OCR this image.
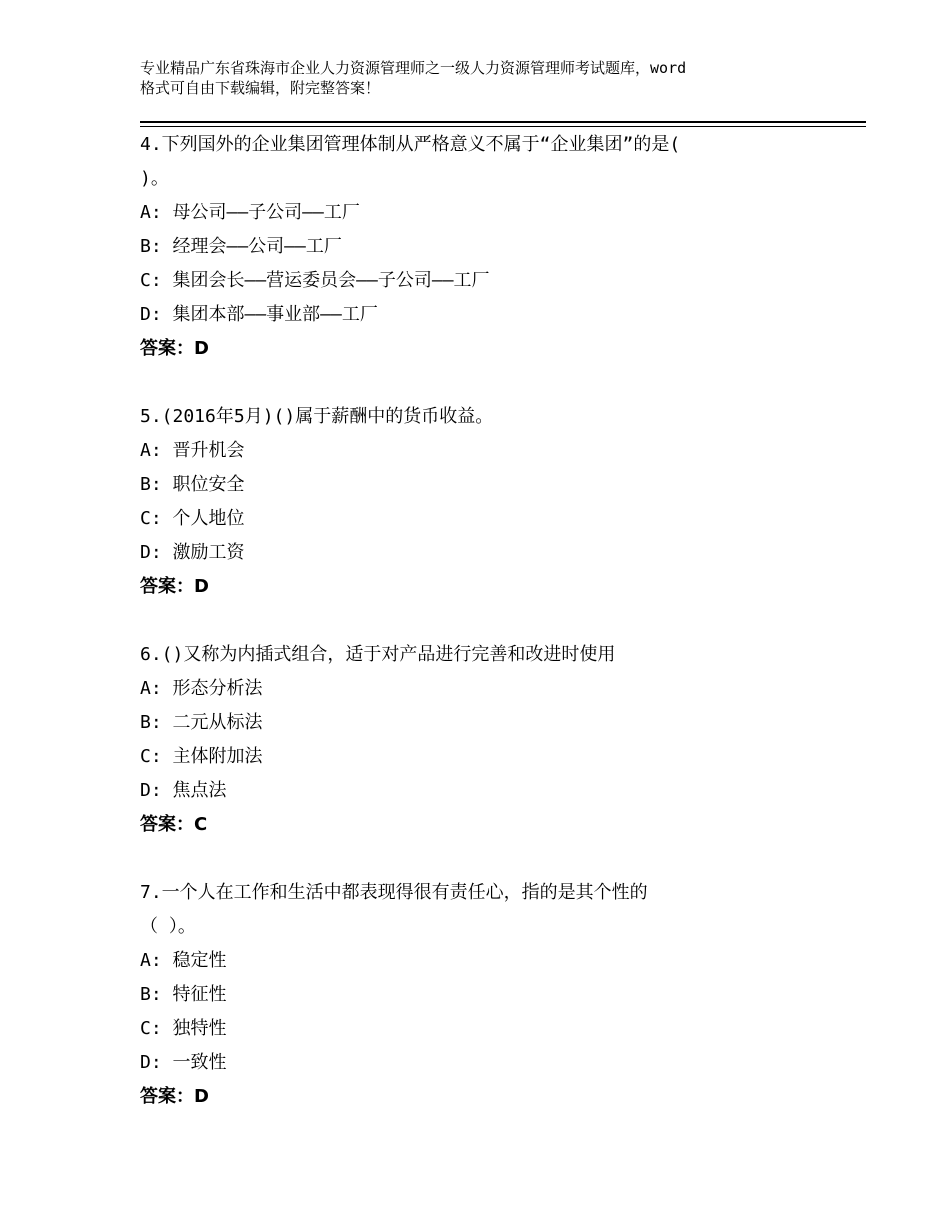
专业精品广东省珠海市企业人力资源管理师之一级人力资源管理师考试题库，word
格式可自由下载编辑，附完整答案！
4.下列国外的企业集团管理体制从严格意义不属于“企业集团”的是(
)。
A: 母公司——子公司——工厂
B: 经理会——公司——工厂
C: 集团会长——营运委员会——子公司——工厂
D: 集团本部——事业部——工厂
答案：D
5.(2016年5月)()属于薪酬中的货币收益。
A: 晋升机会
B: 职位安全
C: 个人地位
D: 激励工资
答案：D
6.()又称为内插式组合，适于对产品进行完善和改进时使用
A: 形态分析法
B: 二元从标法
C: 主体附加法
D: 焦点法
答案：C
7.一个人在工作和生活中都表现得很有责任心，指的是其个性的
（ ）。
A: 稳定性
B: 特征性
C: 独特性
D: 一致性
答案：D
